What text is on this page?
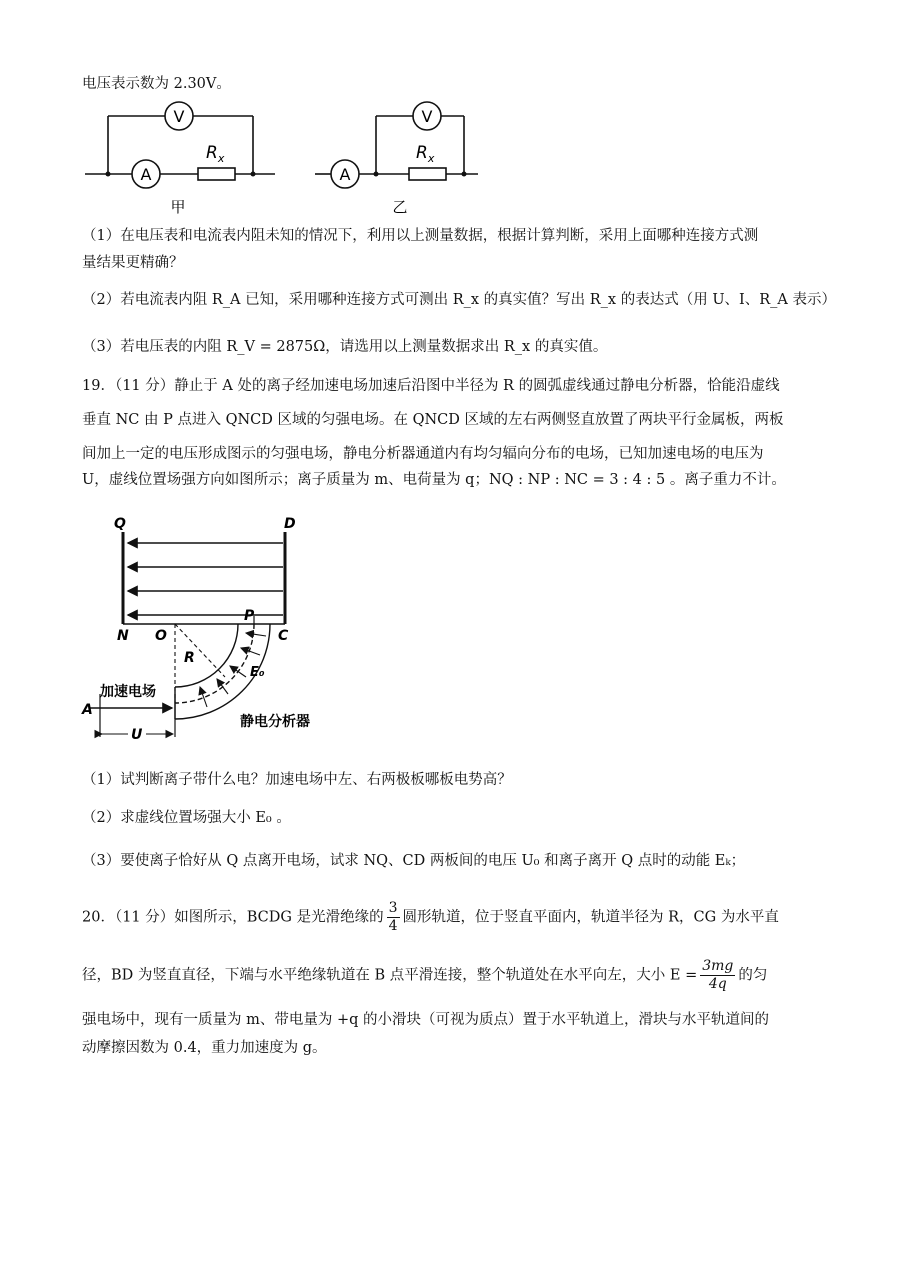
电压表示数为 2.30V。
V
A
$R_x$
V
A
$R_x$
甲	乙
（1）在电压表和电流表内阻未知的情况下，利用以上测量数据，根据计算判断，采用上面哪种连接方式测
量结果更精确？
（2）若电流表内阻 R_A 已知，采用哪种连接方式可测出 R_x 的真实值？写出 R_x 的表达式（用 U、I、R_A 表示）
（3）若电压表的内阻 R_V = 2875Ω，请选用以上测量数据求出 R_x 的真实值。
19．（11 分）静止于 A 处的离子经加速电场加速后沿图中半径为 R 的圆弧虚线通过静电分析器，恰能沿虚线
垂直 NC 由 P 点进入 QNCD 区域的匀强电场。在 QNCD 区域的左右两侧竖直放置了两块平行金属板，两板
间加上一定的电压形成图示的匀强电场，静电分析器通道内有均匀辐向分布的电场，已知加速电场的电压为
U，虚线位置场强方向如图所示；离子质量为 m、电荷量为 q；NQ : NP : NC = 3 : 4 : 5 。离子重力不计。
Q	D
N O
P
C
R
E₀
A
U
加速电场
静电分析器
（1）试判断离子带什么电？加速电场中左、右两极板哪板电势高？
（2）求虚线位置场强大小 E₀ 。
（3）要使离子恰好从 Q 点离开电场，试求 NQ、CD 两板间的电压 U₀ 和离子离开 Q 点时的动能 Eₖ；
20．（11 分）如图所示，BCDG 是光滑绝缘的 $\frac{3}{4}$ 圆形轨道，位于竖直平面内，轨道半径为 R，CG 为水平直
径，BD 为竖直直径，下端与水平绝缘轨道在 B 点平滑连接，整个轨道处在水平向左，大小 $E = \frac{3mg}{4q}$ 的匀
强电场中，现有一质量为 m、带电量为 +q 的小滑块（可视为质点）置于水平轨道上，滑块与水平轨道间的
动摩擦因数为 0.4，重力加速度为 g。
